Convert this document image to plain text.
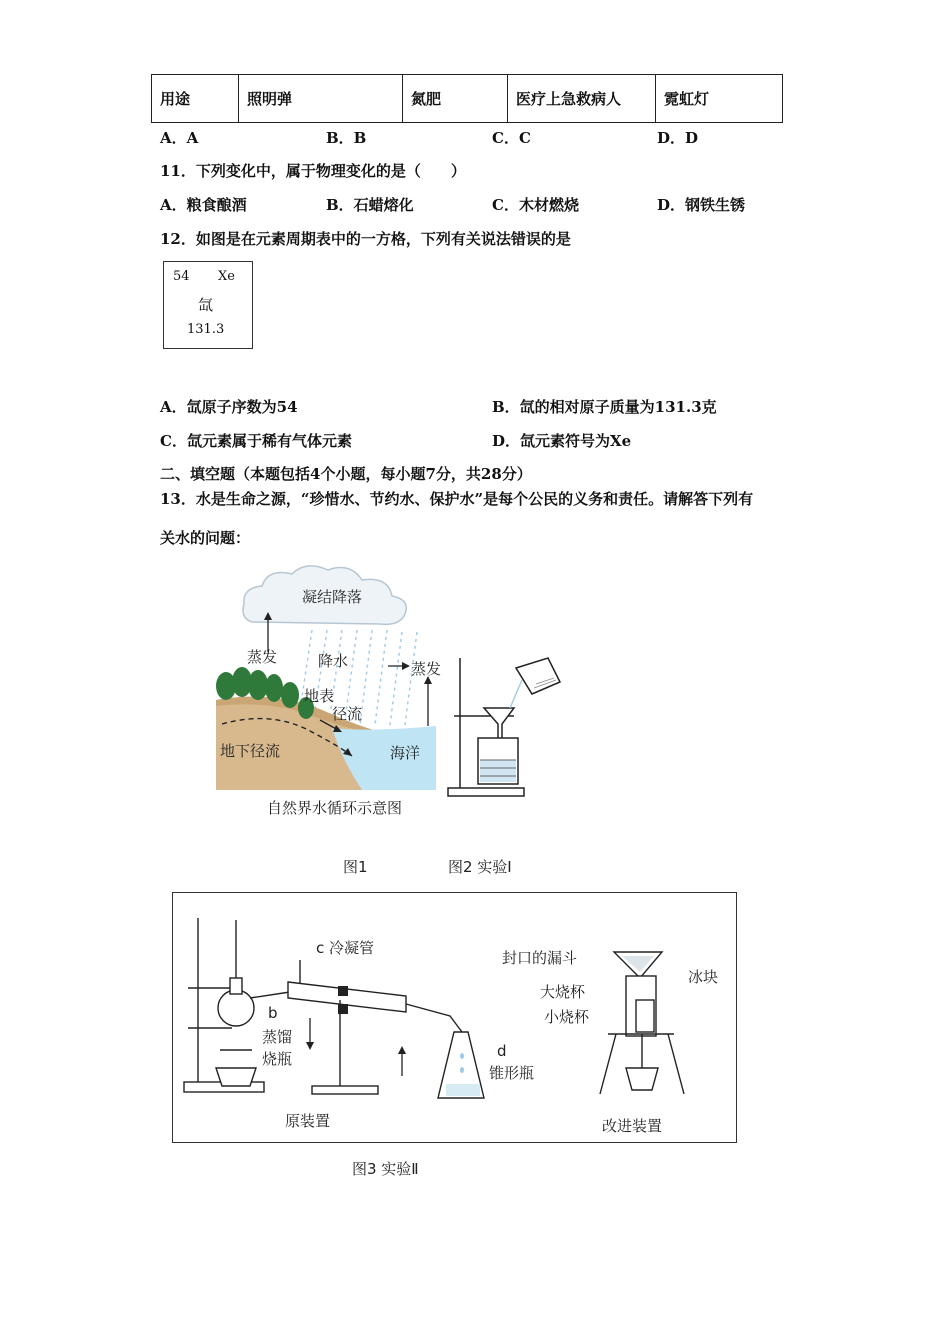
用途	照明弹	氮肥	医疗上急救病人	霓虹灯
A．A	B．B	C．C	D．D
11．下列变化中，属于物理变化的是（　　）
A．粮食酿酒	B．石蜡熔化	C．木材燃烧	D．钢铁生锈
12．如图是在元素周期表中的一方格，下列有关说法错误的是
54 Xe
氙
131.3
A．氙原子序数为54	B．氙的相对原子质量为131.3克
C．氙元素属于稀有气体元素	D．氙元素符号为Xe
二、填空题（本题包括4个小题，每小题7分，共28分）
13．水是生命之源，“珍惜水、节约水、保护水”是每个公民的义务和责任。请解答下列有
关水的问题：
凝结降落
蒸发	降水	蒸发
地表
径流
地下径流	海洋
自然界水循环示意图
图1	图2 实验Ⅰ
c 冷凝管
b
蒸馏
烧瓶	d
锥形瓶
原装置
封口的漏斗
冰块
大烧杯
小烧杯
改进装置
图3 实验Ⅱ
